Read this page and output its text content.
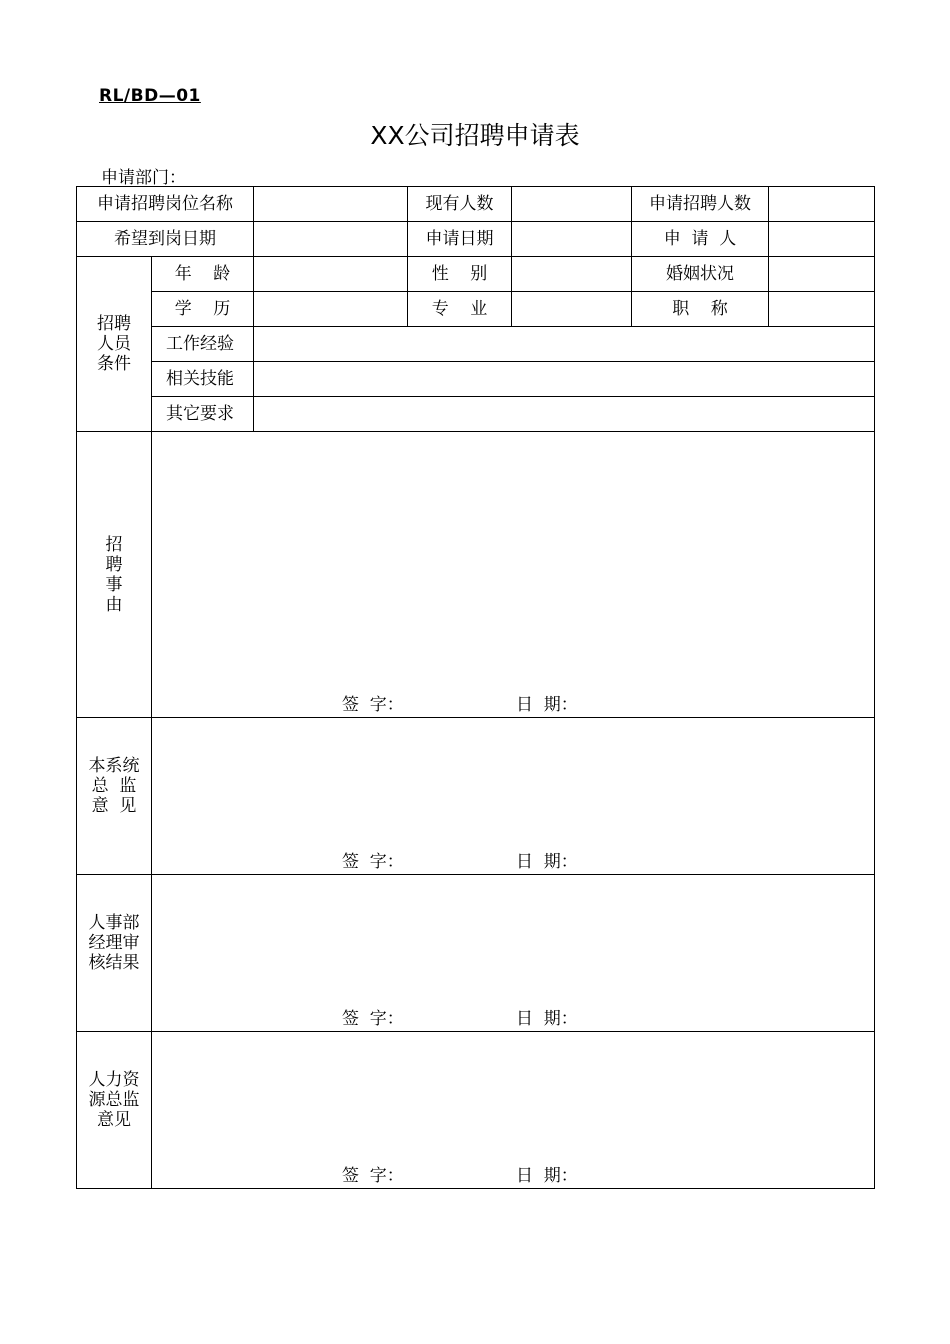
RL/BD—01
XX公司招聘申请表
申请部门：
申请招聘岗位名称			现有人数		申请招聘人数	
希望到岗日期			申请日期		申  请  人	

招聘
人员
条件	年    龄		性    别		婚姻状况	
	学    历		专    业		职    称	
	工作经验					
	相关技能					
	其它要求					

招
聘
事
由	签  字： 日  期：					

本系统
总  监
意  见	签  字： 日  期：					

人事部
经理审
核结果	签  字： 日  期：					

人力资
源总监
意见	签  字： 日  期：					
